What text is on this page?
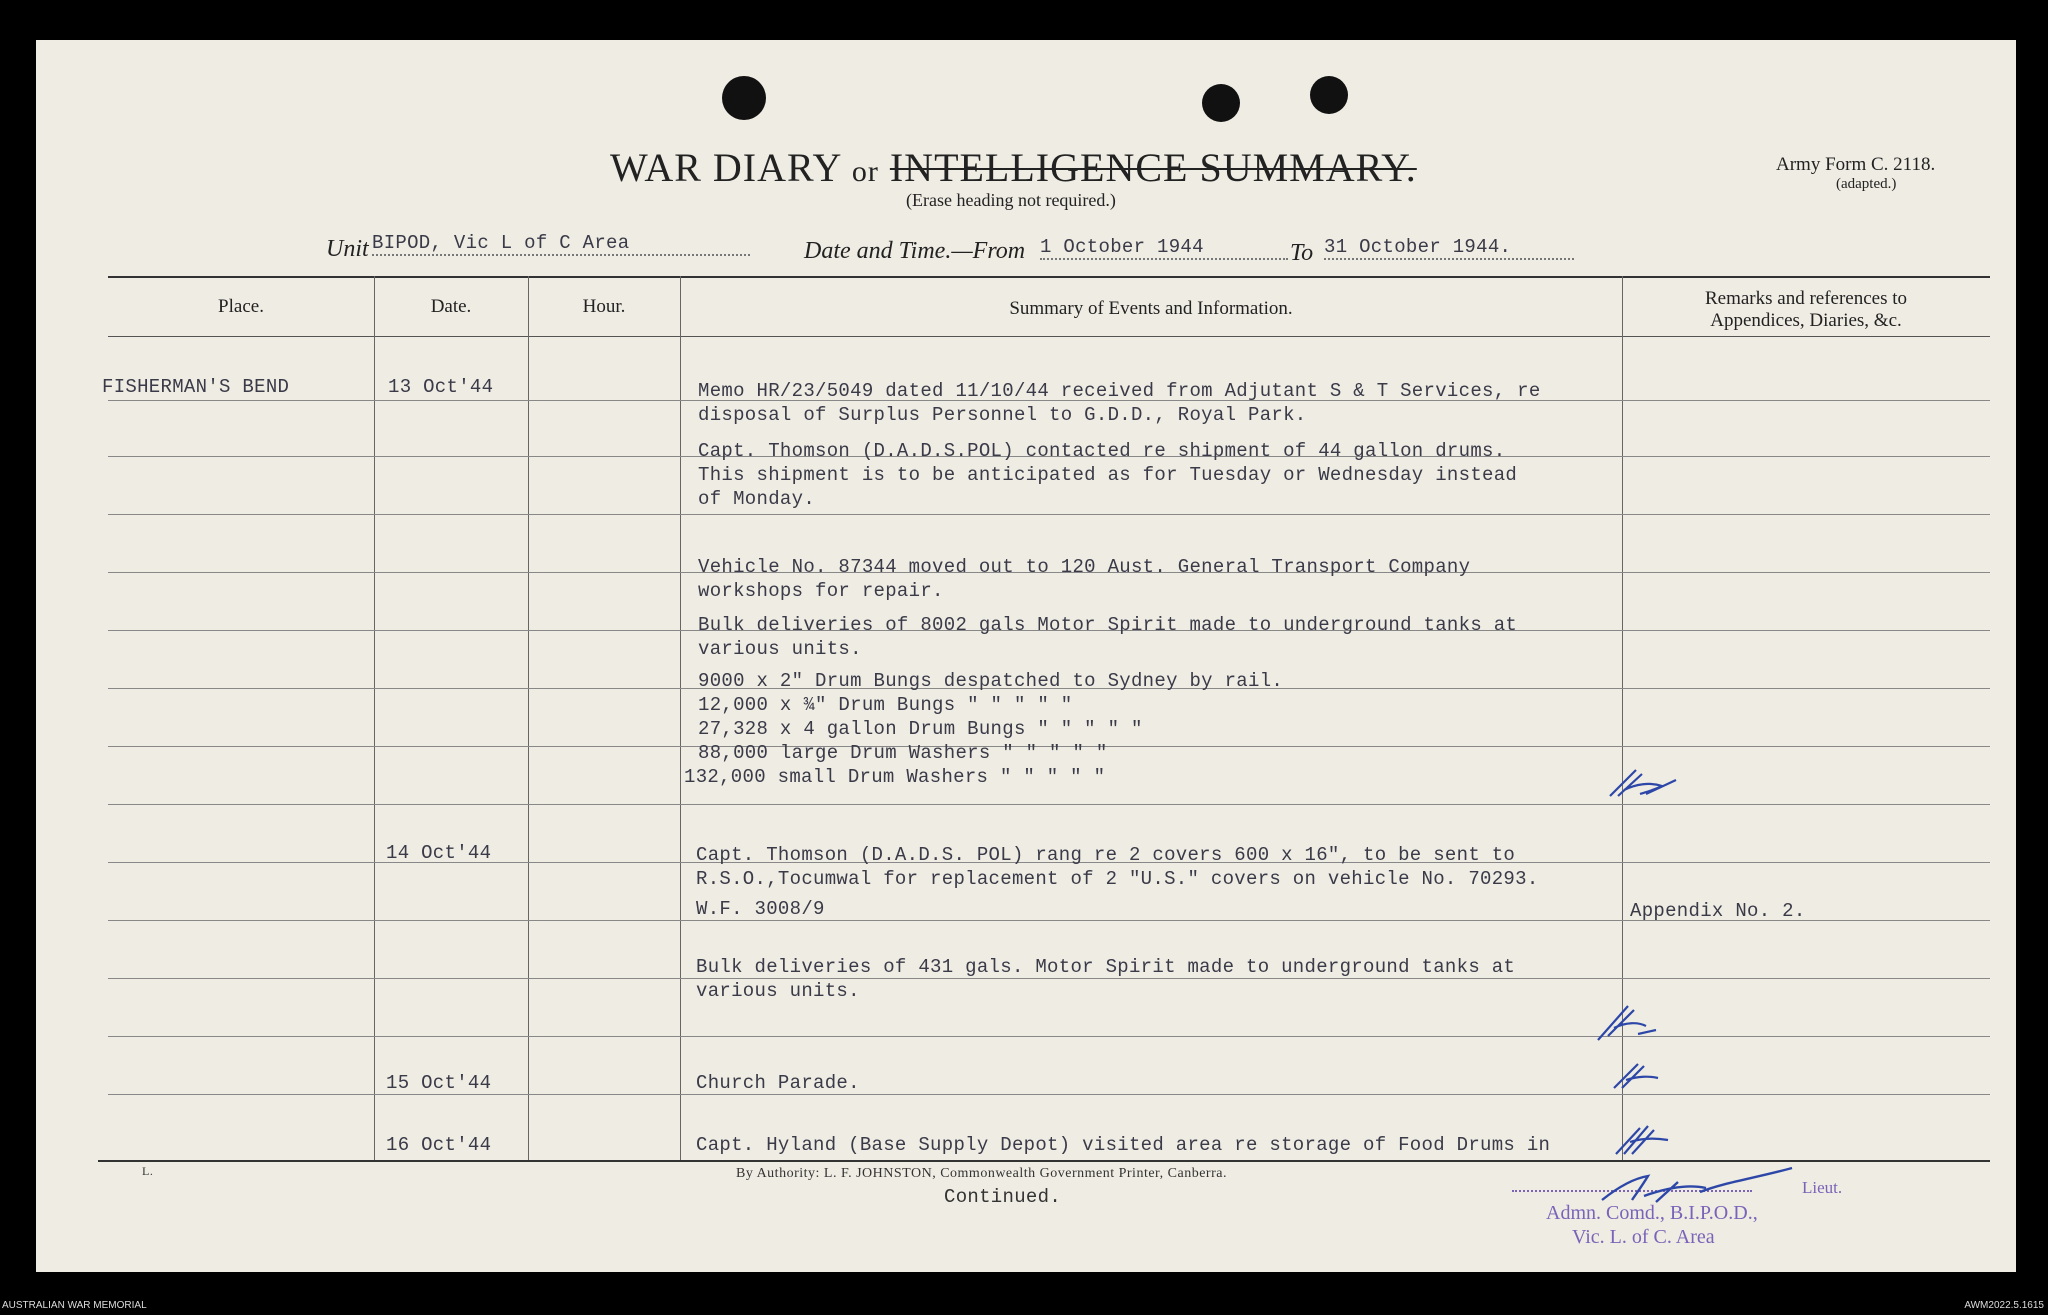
WAR DIARY or INTELLIGENCE SUMMARY.
(Erase heading not required.)
Army Form C. 2118.
(adapted.)
Unit BIPOD, Vic L of C Area	Date and Time.—From 1 October 1944	To 31 October 1944.
Place.	Date.	Hour.	Summary of Events and Information.	Remarks and references to
Appendices, Diaries, &c.
FISHERMAN'S BEND	13 Oct'44	Memo HR/23/5049 dated 11/10/44 received from Adjutant S & T Services, re
disposal of Surplus Personnel to G.D.D., Royal Park.
Capt. Thomson (D.A.D.S.POL) contacted re shipment of 44 gallon drums.
This shipment is to be anticipated as for Tuesday or Wednesday instead
of Monday.
Vehicle No. 87344 moved out to 120 Aust. General Transport Company
workshops for repair.
Bulk deliveries of 8002 gals Motor Spirit made to underground tanks at
various units.
9000 x 2" Drum Bungs despatched to Sydney by rail.
12,000 x ¾" Drum Bungs " " " " "
27,328 x 4 gallon Drum Bungs " " " " "
88,000 large Drum Washers " " " " "
132,000 small Drum Washers " " " " "
14 Oct'44	Capt. Thomson (D.A.D.S. POL) rang re 2 covers 600 x 16", to be sent to
R.S.O.,Tocumwal for replacement of 2 "U.S." covers on vehicle No. 70293.
W.F. 3008/9	Appendix No. 2.
Bulk deliveries of 431 gals. Motor Spirit made to underground tanks at
various units.
15 Oct'44	Church Parade.
16 Oct'44	Capt. Hyland (Base Supply Depot) visited area re storage of Food Drums in
L.	By Authority: L. F. JOHNSTON, Commonwealth Government Printer, Canberra.
Continued.	Lieut.
Admn. Comd., B.I.P.O.D.,
Vic. L. of C. Area
AUSTRALIAN WAR MEMORIAL	AWM2022.5.1615
